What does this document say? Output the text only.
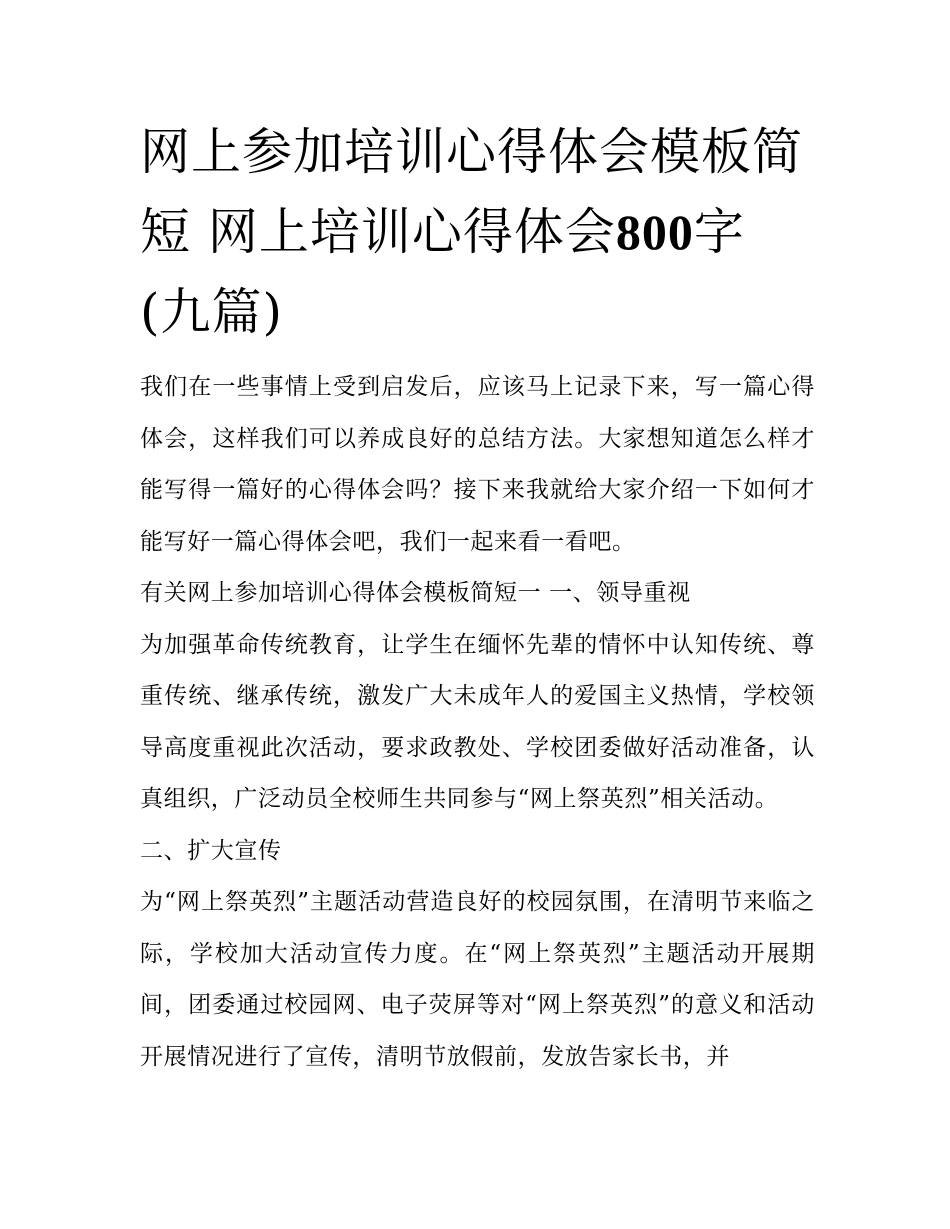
网上参加培训心得体会模板简
短 网上培训心得体会800字
(九篇)

我们在一些事情上受到启发后，应该马上记录下来，写一篇心得体会，这样我们可以养成良好的总结方法。大家想知道怎么样才能写得一篇好的心得体会吗？接下来我就给大家介绍一下如何才能写好一篇心得体会吧，我们一起来看一看吧。

有关网上参加培训心得体会模板简短一 一、领导重视

为加强革命传统教育，让学生在缅怀先辈的情怀中认知传统、尊重传统、继承传统，激发广大未成年人的爱国主义热情，学校领导高度重视此次活动，要求政教处、学校团委做好活动准备，认真组织，广泛动员全校师生共同参与“网上祭英烈”相关活动。

二、扩大宣传

为“网上祭英烈”主题活动营造良好的校园氛围，在清明节来临之际，学校加大活动宣传力度。在“网上祭英烈”主题活动开展期间，团委通过校园网、电子荧屏等对“网上祭英烈”的意义和活动开展情况进行了宣传，清明节放假前，发放告家长书，并
